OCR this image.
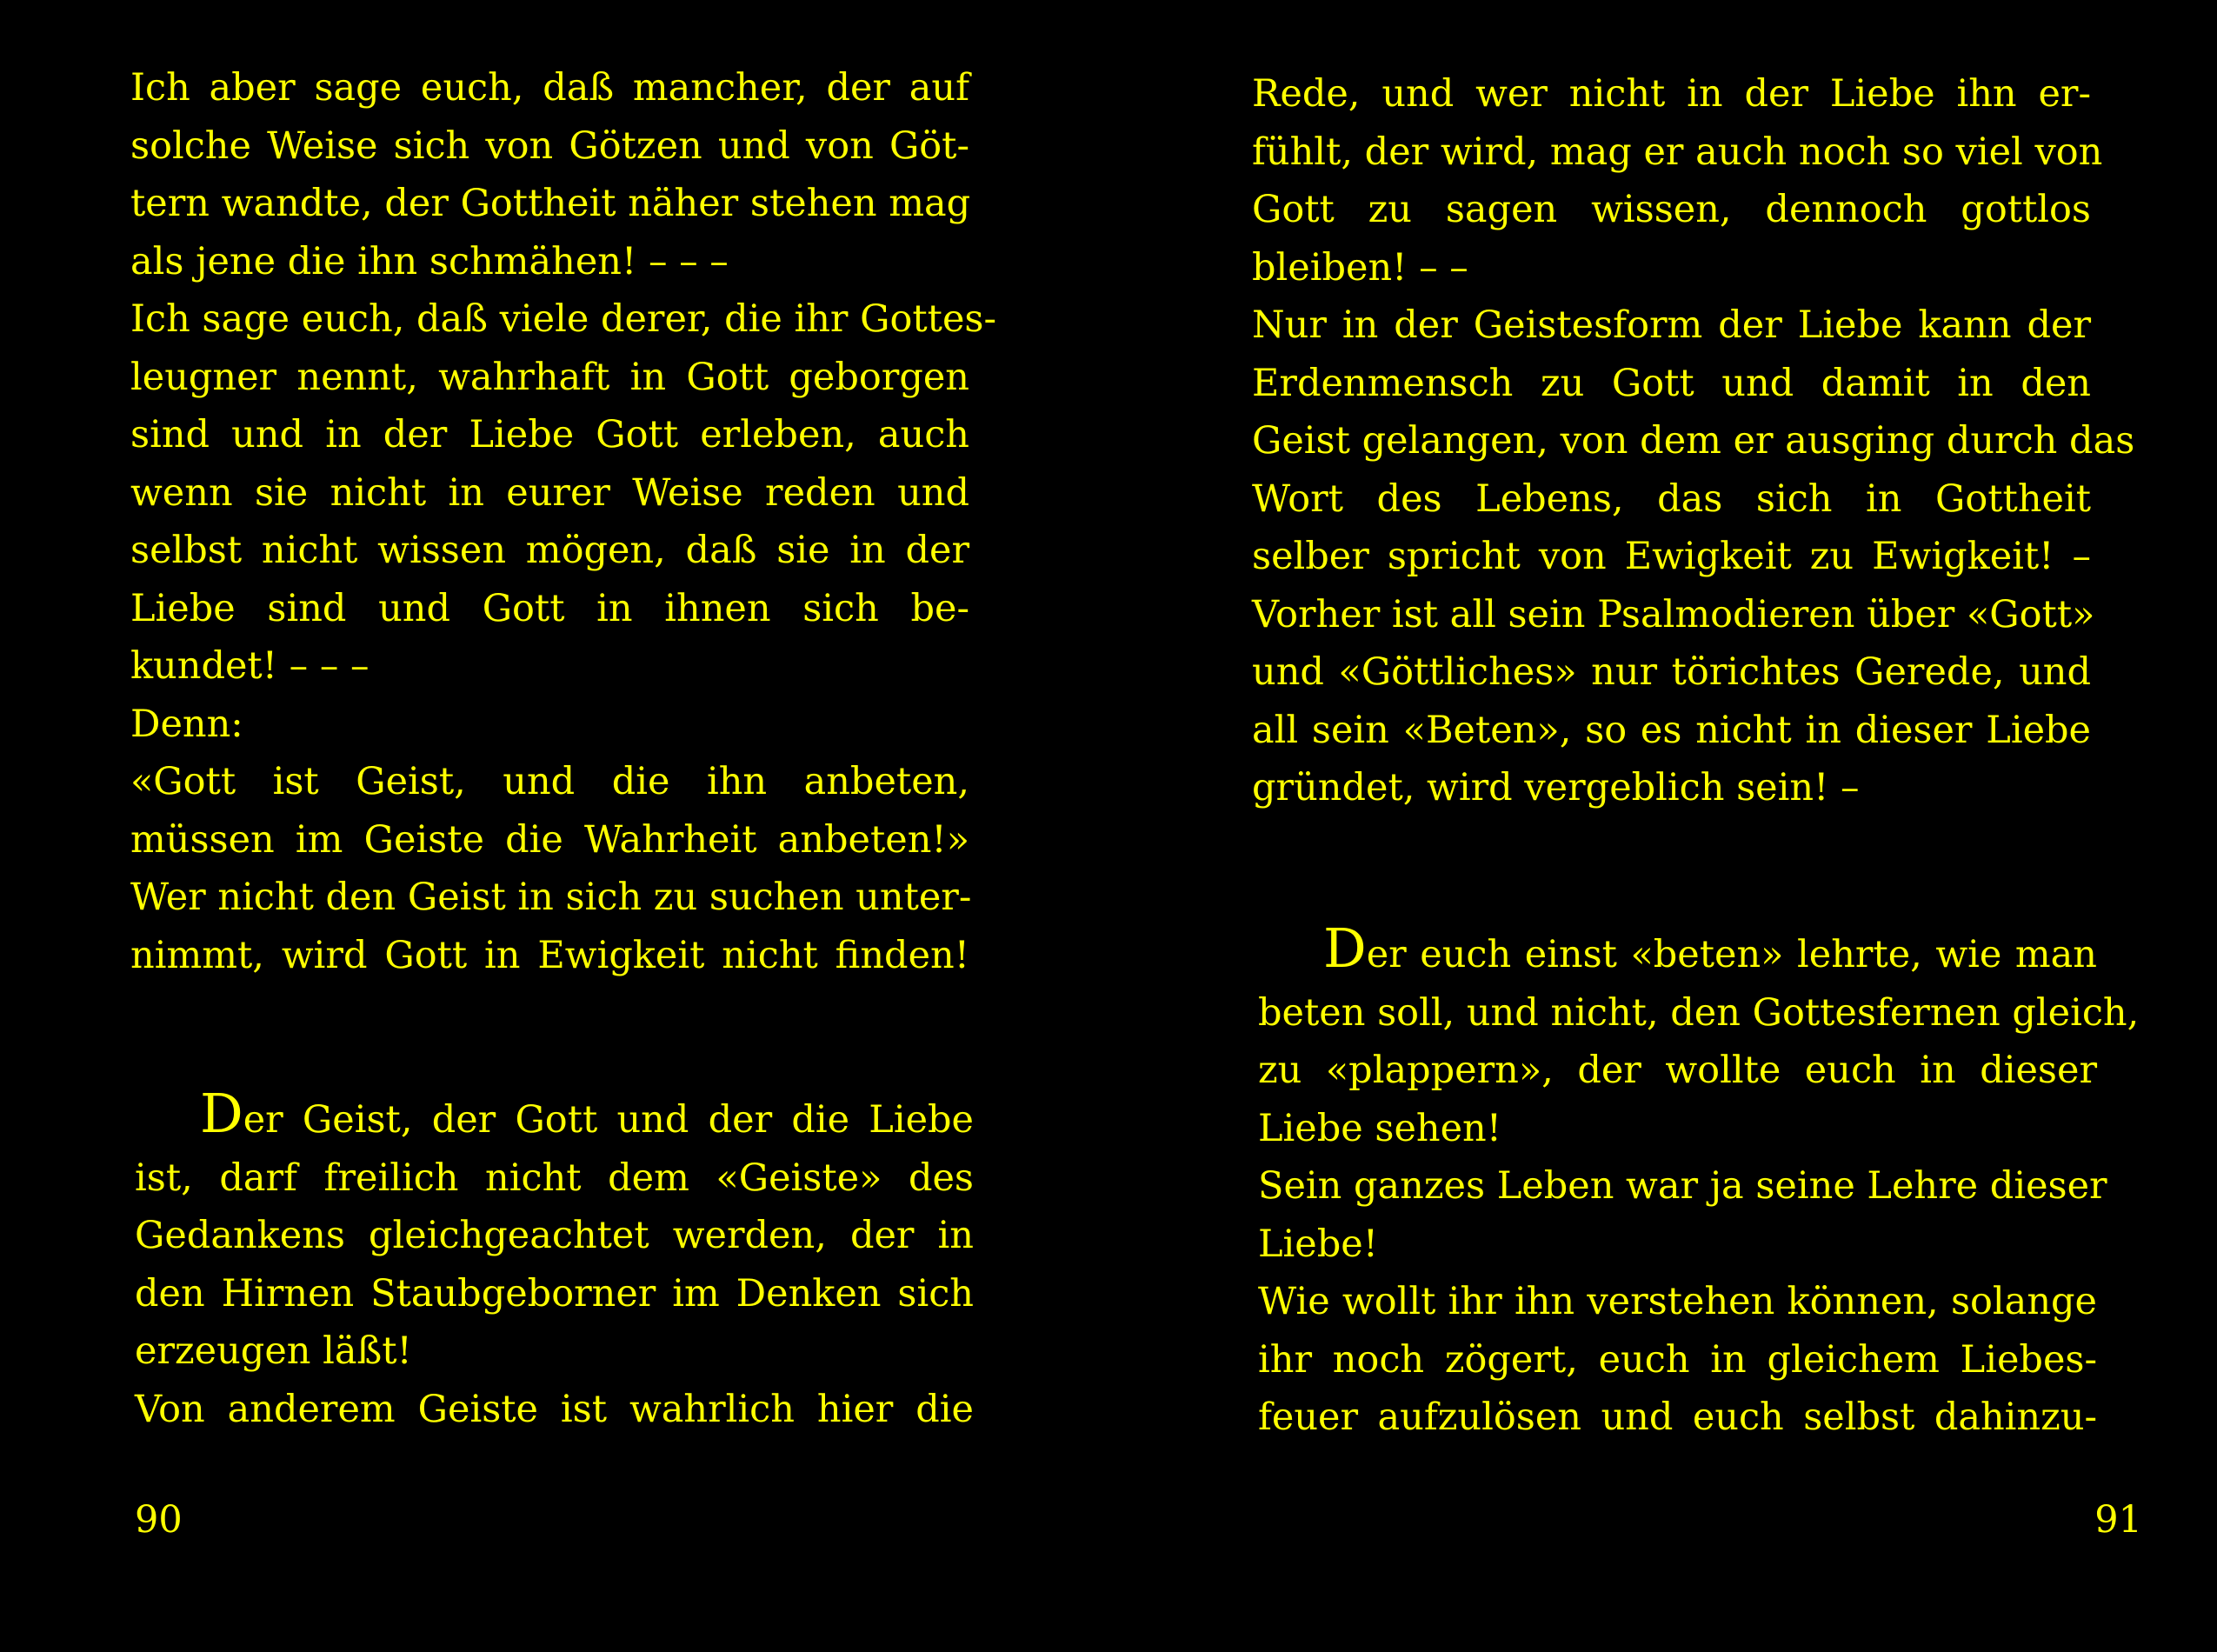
Ich aber sage euch, daß mancher, der auf
solche Weise sich von Götzen und von Göt-
tern wandte, der Gottheit näher stehen mag
als jene die ihn schmähen! – – –
Ich sage euch, daß viele derer, die ihr Gottes-
leugner nennt, wahrhaft in Gott geborgen
sind und in der Liebe Gott erleben, auch
wenn sie nicht in eurer Weise reden und
selbst nicht wissen mögen, daß sie in der
Liebe sind und Gott in ihnen sich be-
kundet! – – –
Denn:
«Gott ist Geist, und die ihn anbeten,
müssen im Geiste die Wahrheit anbeten!»
Wer nicht den Geist in sich zu suchen unter-
nimmt, wird Gott in Ewigkeit nicht finden!
Der Geist, der Gott und der die Liebe
ist, darf freilich nicht dem «Geiste» des
Gedankens gleichgeachtet werden, der in
den Hirnen Staubgeborner im Denken sich
erzeugen läßt!
Von anderem Geiste ist wahrlich hier die
90
Rede, und wer nicht in der Liebe ihn er-
fühlt, der wird, mag er auch noch so viel von
Gott zu sagen wissen, dennoch gottlos
bleiben! – –
Nur in der Geistesform der Liebe kann der
Erdenmensch zu Gott und damit in den
Geist gelangen, von dem er ausging durch das
Wort des Lebens, das sich in Gottheit
selber spricht von Ewigkeit zu Ewigkeit! –
Vorher ist all sein Psalmodieren über «Gott»
und «Göttliches» nur törichtes Gerede, und
all sein «Beten», so es nicht in dieser Liebe
gründet, wird vergeblich sein! –
Der euch einst «beten» lehrte, wie man
beten soll, und nicht, den Gottesfernen gleich,
zu «plappern», der wollte euch in dieser
Liebe sehen!
Sein ganzes Leben war ja seine Lehre dieser
Liebe!
Wie wollt ihr ihn verstehen können, solange
ihr noch zögert, euch in gleichem Liebes-
feuer aufzulösen und euch selbst dahinzu-
91
